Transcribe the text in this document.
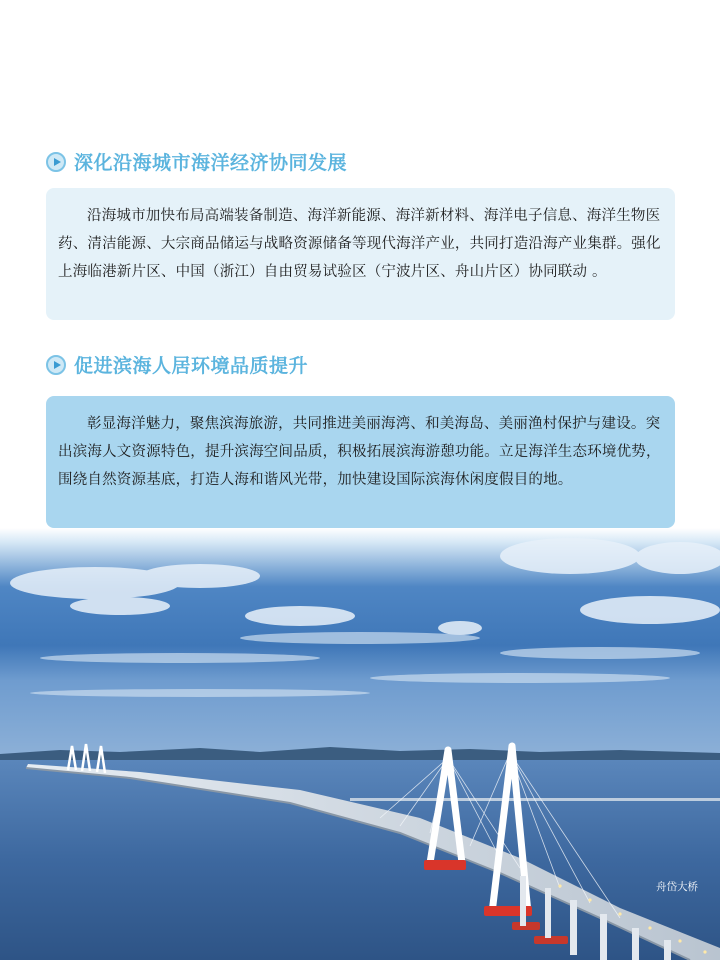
深化沿海城市海洋经济协同发展

沿海城市加快布局高端装备制造、海洋新能源、海洋新材料、海洋电子信息、海洋生物医药、清洁能源、大宗商品储运与战略资源储备等现代海洋产业，共同打造沿海产业集群。强化上海临港新片区、中国（浙江）自由贸易试验区（宁波片区、舟山片区）协同联动 。

促进滨海人居环境品质提升

彰显海洋魅力，聚焦滨海旅游，共同推进美丽海湾、和美海岛、美丽渔村保护与建设。突出滨海人文资源特色，提升滨海空间品质，积极拓展滨海游憩功能。立足海洋生态环境优势，围绕自然资源基底，打造人海和谐风光带，加快建设国际滨海休闲度假目的地。

舟岱大桥
